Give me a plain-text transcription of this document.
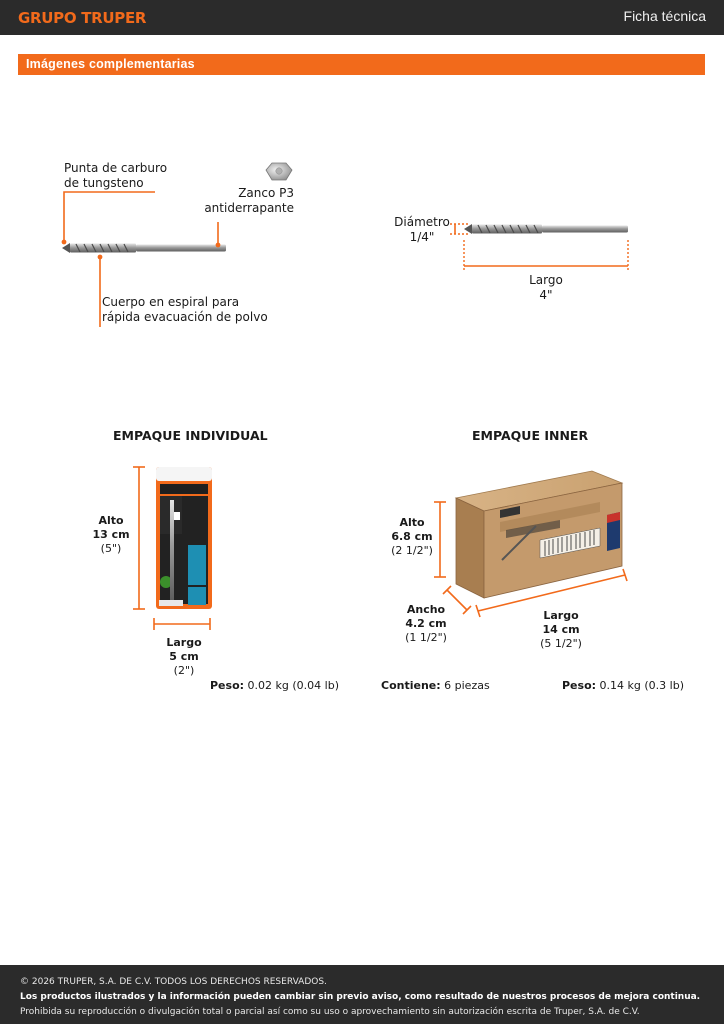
GRUPO TRUPER	Ficha técnica
Imágenes complementarias
Punta de carburo
de tungsteno
Zanco P3
antiderrapante
Cuerpo en espiral para
rápida evacuación de polvo
Diámetro
1/4"
Largo
4"
EMPAQUE INDIVIDUAL
Alto
13 cm
(5")
Largo
5 cm
(2")
Peso: 0.02 kg (0.04 lb)
EMPAQUE INNER
Alto
6.8 cm
(2 1/2")
Ancho
4.2 cm
(1 1/2")
Largo
14 cm
(5 1/2")
Contiene: 6 piezas	Peso: 0.14 kg (0.3 lb)

© 2026 TRUPER, S.A. DE C.V. TODOS LOS DERECHOS RESERVADOS.

Los productos ilustrados y la información pueden cambiar sin previo aviso, como resultado de nuestros procesos de mejora continua.

Prohibida su reproducción o divulgación total o parcial así como su uso o aprovechamiento sin autorización escrita de Truper, S.A. de C.V.
